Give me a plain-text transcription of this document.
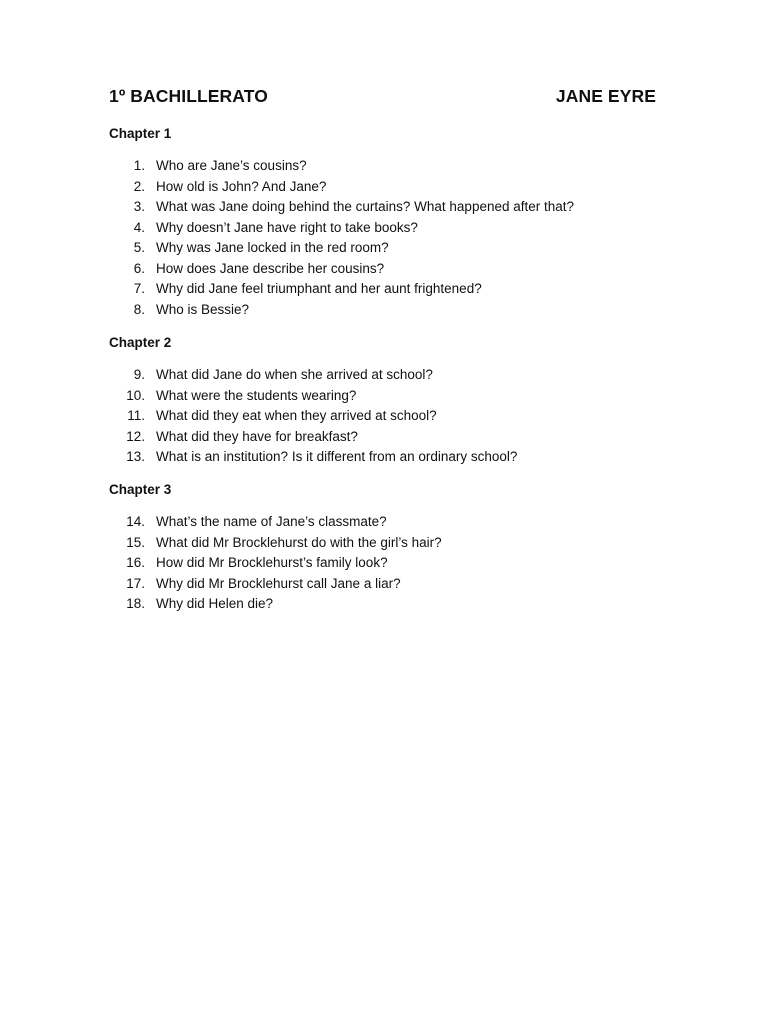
1º BACHILLERATO	JANE EYRE
Chapter 1
1. Who are Jane’s cousins?
2. How old is John? And Jane?
3. What was Jane doing behind the curtains? What happened after that?
4. Why doesn’t Jane have right to take books?
5. Why was Jane locked in the red room?
6. How does Jane describe her cousins?
7. Why did Jane feel triumphant and her aunt frightened?
8. Who is Bessie?
Chapter 2
9. What did Jane do when she arrived at school?
10. What were the students wearing?
11. What did they eat when they arrived at school?
12. What did they have for breakfast?
13. What is an institution? Is it different from an ordinary school?
Chapter 3
14. What’s the name of Jane’s classmate?
15. What did Mr Brocklehurst do with the girl’s hair?
16. How did Mr Brocklehurst’s family look?
17. Why did Mr Brocklehurst call Jane a liar?
18. Why did Helen die?
